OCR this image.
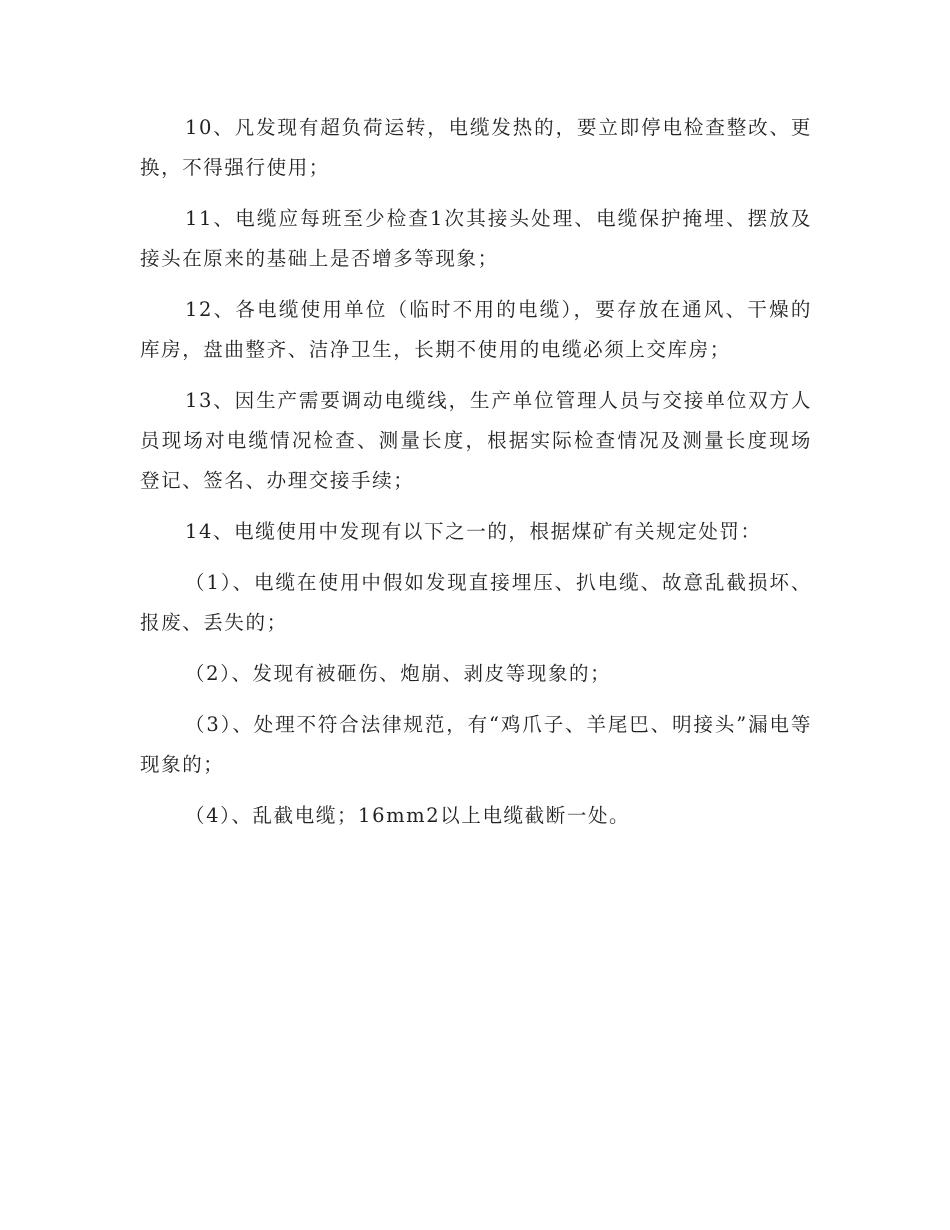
10、凡发现有超负荷运转，电缆发热的，要立即停电检查整改、更换，不得强行使用；

11、电缆应每班至少检查1次其接头处理、电缆保护掩埋、摆放及接头在原来的基础上是否增多等现象；

12、各电缆使用单位（临时不用的电缆），要存放在通风、干燥的库房，盘曲整齐、洁净卫生，长期不使用的电缆必须上交库房；

13、因生产需要调动电缆线，生产单位管理人员与交接单位双方人员现场对电缆情况检查、测量长度，根据实际检查情况及测量长度现场登记、签名、办理交接手续；

14、电缆使用中发现有以下之一的，根据煤矿有关规定处罚：

（1）、电缆在使用中假如发现直接埋压、扒电缆、故意乱截损坏、报废、丢失的；

（2）、发现有被砸伤、炮崩、剥皮等现象的；

（3）、处理不符合法律规范，有“鸡爪子、羊尾巴、明接头”漏电等现象的；

（4）、乱截电缆；16mm2以上电缆截断一处。
